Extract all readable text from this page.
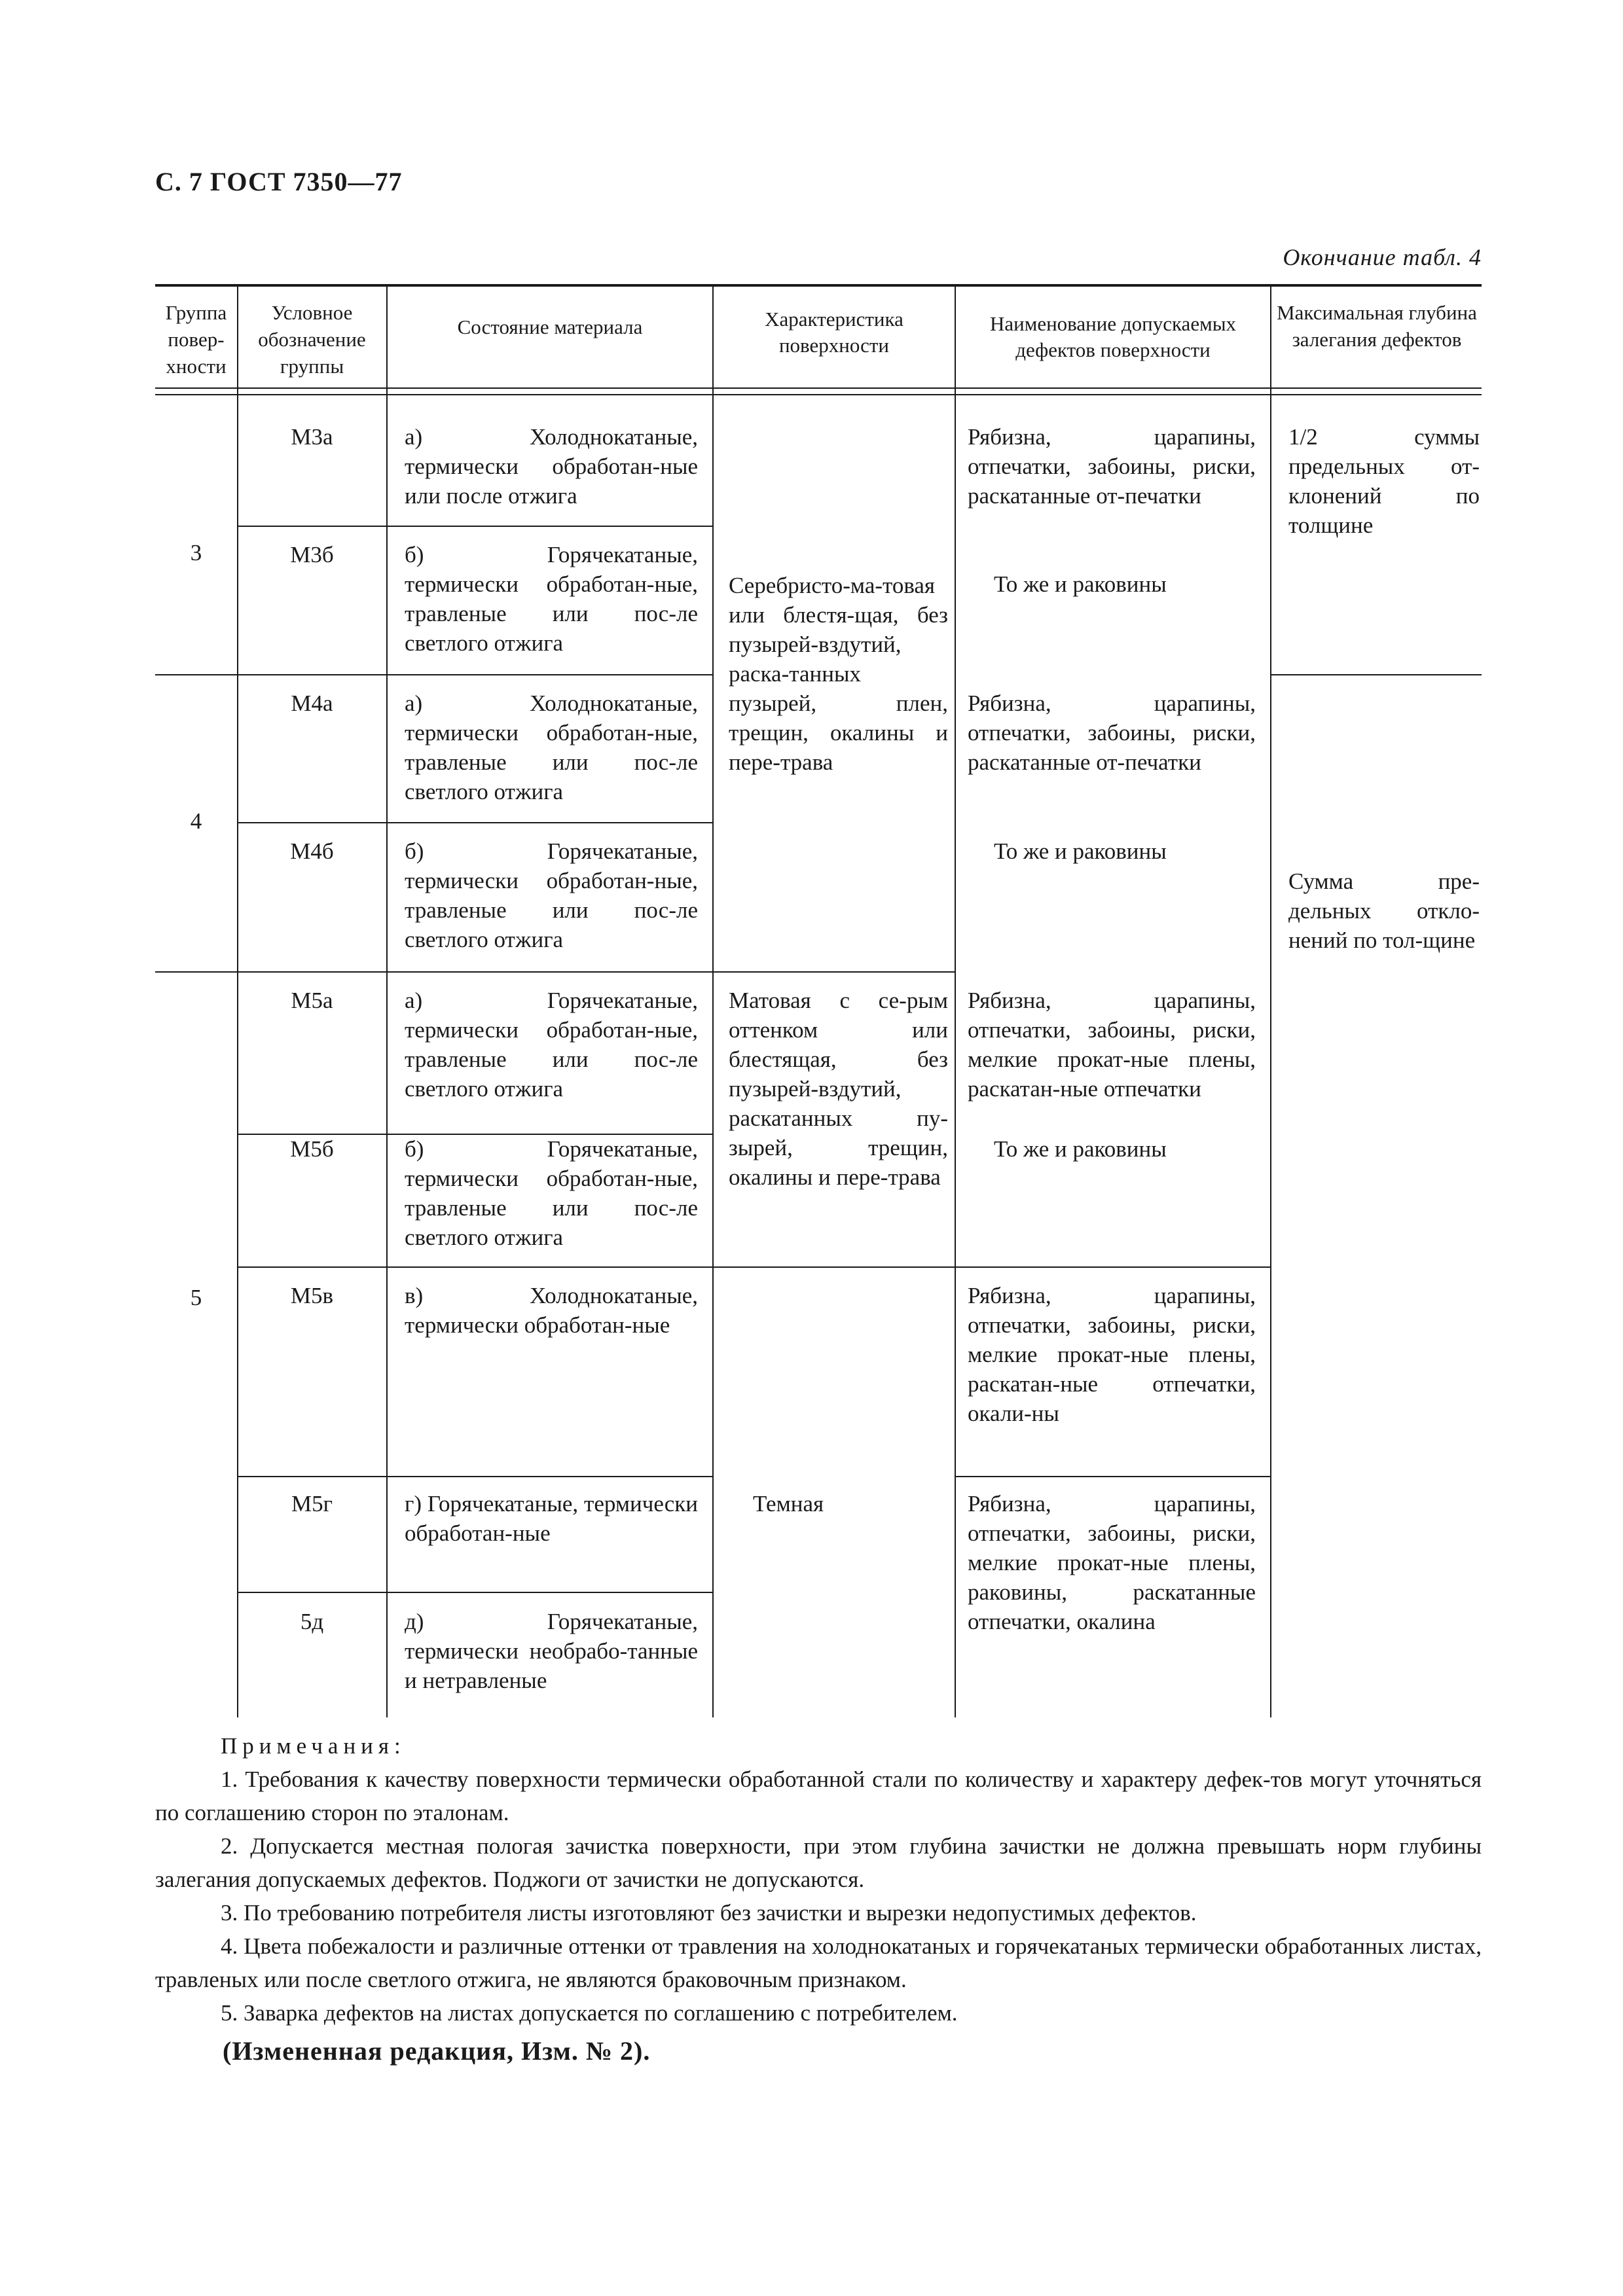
С. 7 ГОСТ 7350—77
Окончание табл. 4
Группа повер-хности
Условное обозначение группы
Состояние материала	Характеристика поверхности
Наименование допускаемых дефектов поверхности
Максимальная глубина залегания дефектов
3
4
5
М3а
М3б
М4а
М4б
М5а
М5б
М5в
М5г
5д
а) Холоднокатаные, термически обработан-ные или после отжига
б) Горячекатаные, термически обработан-ные, травленые или пос-ле светлого отжига
а) Холоднокатаные, термически обработан-ные, травленые или пос-ле светлого отжига
б) Горячекатаные, термически обработан-ные, травленые или пос-ле светлого отжига
а) Горячекатаные, термически обработан-ные, травленые или пос-ле светлого отжига
б) Горячекатаные, термически обработан-ные, травленые или пос-ле светлого отжига
в) Холоднокатаные, термически обработан-ные
г) Горячекатаные, термически обработан-ные
д) Горячекатаные, термически необрабо-танные и нетравленые
Серебристо-ма-товая или блестя-щая, без пузырей-вздутий, раска-танных пузырей, плен, трещин, окалины и пере-трава
Матовая с се-рым оттенком или блестящая, без пузырей-вздутий, раскатанных пу-зырей, трещин, окалины и пере-трава
Темная
Рябизна, царапины, отпечатки, забоины, риски, раскатанные от-печатки
То же и раковины
Рябизна, царапины, отпечатки, забоины, риски, раскатанные от-печатки
То же и раковины
Рябизна, царапины, отпечатки, забоины, риски, мелкие прокат-ные плены, раскатан-ные отпечатки
То же и раковины
Рябизна, царапины, отпечатки, забоины, риски, мелкие прокат-ные плены, раскатан-ные отпечатки, окали-ны
Рябизна, царапины, отпечатки, забоины, риски, мелкие прокат-ные плены, раковины, раскатанные отпечатки, окалина
1/2 суммы предельных от-клонений по толщине
Сумма пре-дельных откло-нений по тол-щине

Примечания:

1. Требования к качеству поверхности термически обработанной стали по количеству и характеру дефек-тов могут уточняться по соглашению сторон по эталонам.

2. Допускается местная пологая зачистка поверхности, при этом глубина зачистки не должна превышать норм глубины залегания допускаемых дефектов. Поджоги от зачистки не допускаются.

3. По требованию потребителя листы изготовляют без зачистки и вырезки недопустимых дефектов.

4. Цвета побежалости и различные оттенки от травления на холоднокатаных и горячекатаных термически обработанных листах, травленых или после светлого отжига, не являются браковочным признаком.

5. Заварка дефектов на листах допускается по соглашению с потребителем.

(Измененная редакция, Изм. № 2).
